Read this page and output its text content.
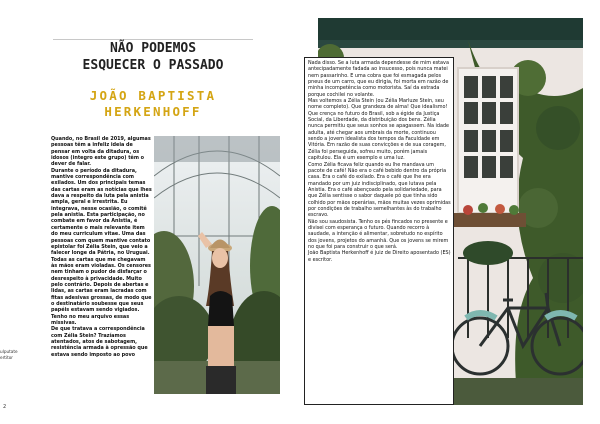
NÃO PODEMOS
ESQUECER O PASSADO
JOÃO BAPTISTA
HERKENHOFF

Quando, no Brasil de 2019, algumas pessoas têm a infeliz ideia de pensar em volta da ditadura, os idosos (integro este grupo) têm o dever de falar.

Durante o período da ditadura, mantive correspondência com exilados. Um dos principais temas das cartas eram as notícias que lhes dava a respeito da luta pela anistia ampla, geral e irrestrita. Eu integrava, nesse ocasião, o comitê pela anistia. Esta participação, no combate em favor da Anistia, é certamente o mais relevante item do meu curriculum vitae. Uma das pessoas com quem mantive contato epistolar foi Zélia Stein, que veio a falecer longe da Pátria, no Uruguai.

Todas as cartas que me chegavam às mãos eram violadas. Os censores nem tinham o pudor de disfarçar o desrespeito à privacidade. Muito pelo contrário. Depois de abertas e lidas, as cartas eram lacradas com fitas adesivas grossas, de modo que o destinatário soubesse que seus papéis estavam sendo vigiados. Tenho no meu arquivo essas missivas.

De que tratava a correspondência com Zélia Stein? Trazíamos atentados, atos de sabotagem, resistência armada à opressão que estava sendo imposto ao povo

ulputate
ertitor
2

Nada disso. Se a luta armada dependesse de mim estava antecipadamente fadada ao insucesso, pois nunca matei nem passarinho. E uma cobra que foi esmagada pelos pneus de um carro, que eu dirigia, foi morta em razão de minha incompetência como motorista. Saí da estrada porque cochilei no volante.

Mas voltemos a Zélia Stein (ou Zélia Marluze Stein, seu nome completo). Que grandeza de alma! Que idealismo! Que crença no futuro do Brasil, sob a égide da Justiça Social, da Liberdade, da distribuição dos bens. Zélia nunca permitiu que seus sonhos se apagassem. Na idade adulta, até chegar aos umbrais da morte, continuou sendo a jovem idealista dos tempos da Faculdade em Vitória. Em razão de suas convicções e de sua coragem, Zélia foi perseguida, sofreu muito, porém jamais capitulou. Ela é um exemplo e uma luz.

Como Zélia ficava feliz quando eu lhe mandava um pacote de café! Não era o café bebido dentro da própria casa. Era o café do exilado. Era o café que lhe era mandado por um juiz indisciplinado, que lutava pela Anistia. Era o café abençoado pela solidariedade, para que Zélia sentisse o sabor daquele pó que tinha sido colhido por mãos operárias, mãos muitas vezes oprimidas por condições de trabalho semelhantes às do trabalho escravo.

Não sou saudosista. Tenho os pés fincados no presente e divisei com esperança o futuro. Quando recorro à saudade, a intenção é alimentar, sobretudo no espírito dos jovens, projetos do amanhã. Que os jovens se mirem no que foi para construir o que será.

João Baptista Herkenhoff é juiz de Direito aposentado (ES) e escritor.
